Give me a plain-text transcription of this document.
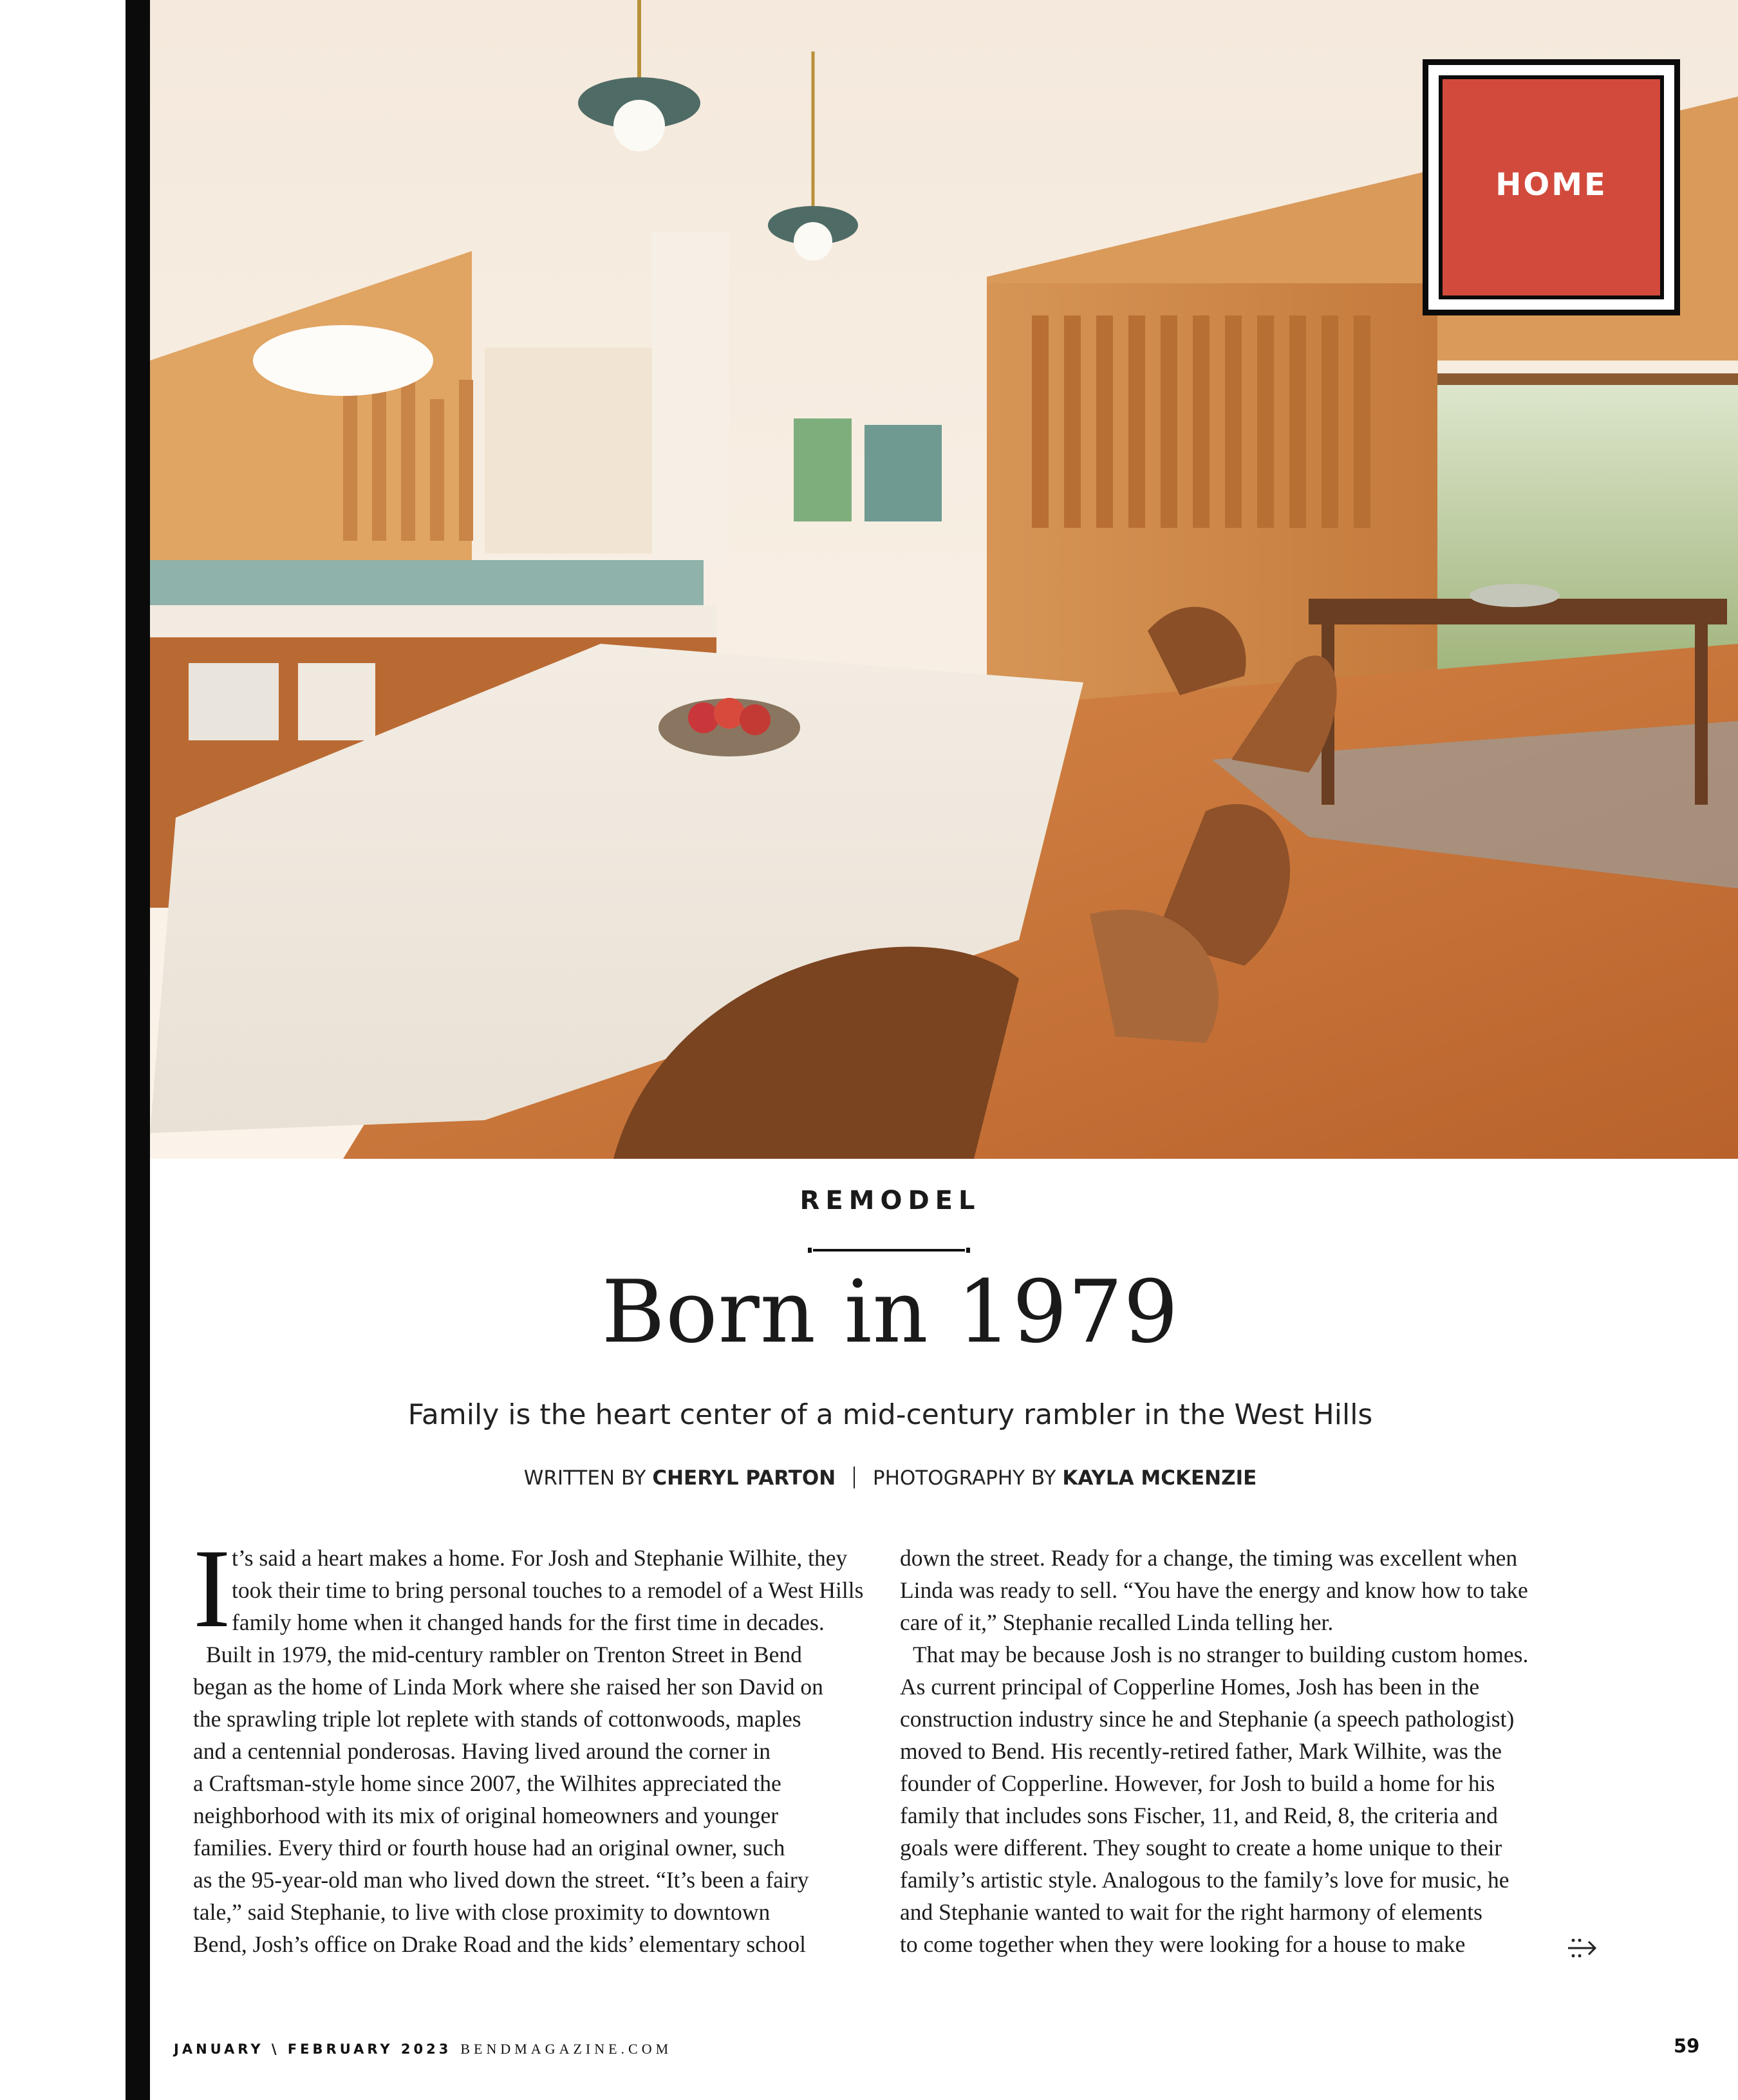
HOME
REMODEL
Born in 1979
Family is the heart center of a mid-century rambler in the West Hills
WRITTEN BY CHERYL PARTON PHOTOGRAPHY BY KAYLA MCKENZIE
I t’s said a heart makes a home. For Josh and Stephanie Wilhite, they

took their time to bring personal touches to a remodel of a West Hills

family home when it changed hands for the first time in decades.

Built in 1979, the mid-century rambler on Trenton Street in Bend

began as the home of Linda Mork where she raised her son David on

the sprawling triple lot replete with stands of cottonwoods, maples

and a centennial ponderosas. Having lived around the corner in

a Craftsman-style home since 2007, the Wilhites appreciated the

neighborhood with its mix of original homeowners and younger

families. Every third or fourth house had an original owner, such

as the 95-year-old man who lived down the street. “It’s been a fairy

tale,” said Stephanie, to live with close proximity to downtown

Bend, Josh’s office on Drake Road and the kids’ elementary school

down the street. Ready for a change, the timing was excellent when

Linda was ready to sell. “You have the energy and know how to take

care of it,” Stephanie recalled Linda telling her.

That may be because Josh is no stranger to building custom homes.

As current principal of Copperline Homes, Josh has been in the

construction industry since he and Stephanie (a speech pathologist)

moved to Bend. His recently-retired father, Mark Wilhite, was the

founder of Copperline. However, for Josh to build a home for his

family that includes sons Fischer, 11, and Reid, 8, the criteria and

goals were different. They sought to create a home unique to their

family’s artistic style. Analogous to the family’s love for music, he

and Stephanie wanted to wait for the right harmony of elements

to come together when they were looking for a house to make

JANUARY \ FEBRUARY 2023 BENDMAGAZINE.COM	59
